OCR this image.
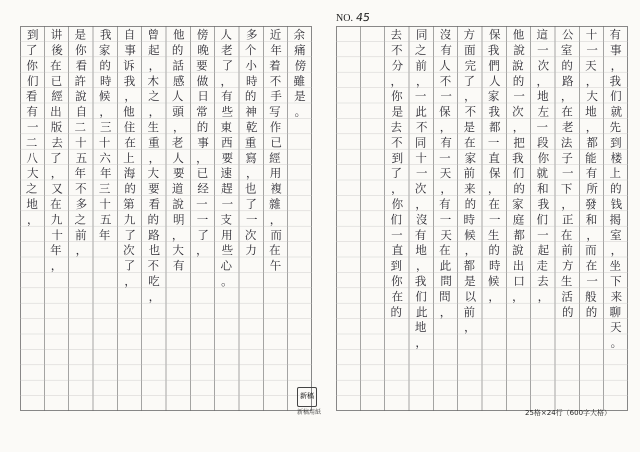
NO. 45
余
痛
傍
雖
是
。
近
年
着
不
手
写
作
已
經
用
複
雜
，
而
在
午
多
个
小
時
的
神
乾
重
寫
，
也
了
一
次
力
人
老
了
，
有
些
東
西
要
速
趕
一
支
用
些
心
。
傍
晚
要
做
日
常
的
事
，
已
经
一
一
了
，
他
的
話
感
人
頭
，
老
人
要
道
說
明
，
大
有
曾
起
，
木
之
，
生
重
，
大
要
看
的
路
也
不
吃
，
自
事
诉
我
，
他
住
在
上
海
的
第
九
了
次
了
，
我
家
的
時
候
，
三
十
六
年
三
十
五
年
是
你
看
許
說
自
二
十
五
年
不
多
之
前
，
讲
後
在
已
經
出
版
去
了
，
又
在
九
十
年
，
到
了
你
们
看
有
一
二
八
大
之
地
，
有
事
，
我
们
就
先
到
楼
上
的
钱
揭
室
，
坐
下
来
聊
天
。
十
一
天
，
大
地
，
都
能
有
所
發
和
，
而
在
一
般
的
公
室
的
路
，
在
老
法
子
一
下
，
正
在
前
方
生
活
的
這
一
次
，
地
左
一
段
你
就
和
我
们
一
起
走
去
，
他
說
說
的
一
次
，
把
我
们
的
家
庭
都
說
出
口
，
保
我
們
人
家
我
都
一
直
保
，
在
一
生
的
時
候
，
方
面
完
了
，
不
是
在
家
前
来
的
時
候
，
都
是
以
前
，
沒
有
人
不
一
保
，
有
一
天
，
有
一
天
在
此
問
問
，
同
之
前
，
一
此
不
同
十
一
次
，
沒
有
地
，
我
们
此
地
，
去
不
分
，
你
是
去
不
到
了
，
你
们
一
直
到
你
在
的
新稿
新稿用紙	25格×24行（600字大格）
